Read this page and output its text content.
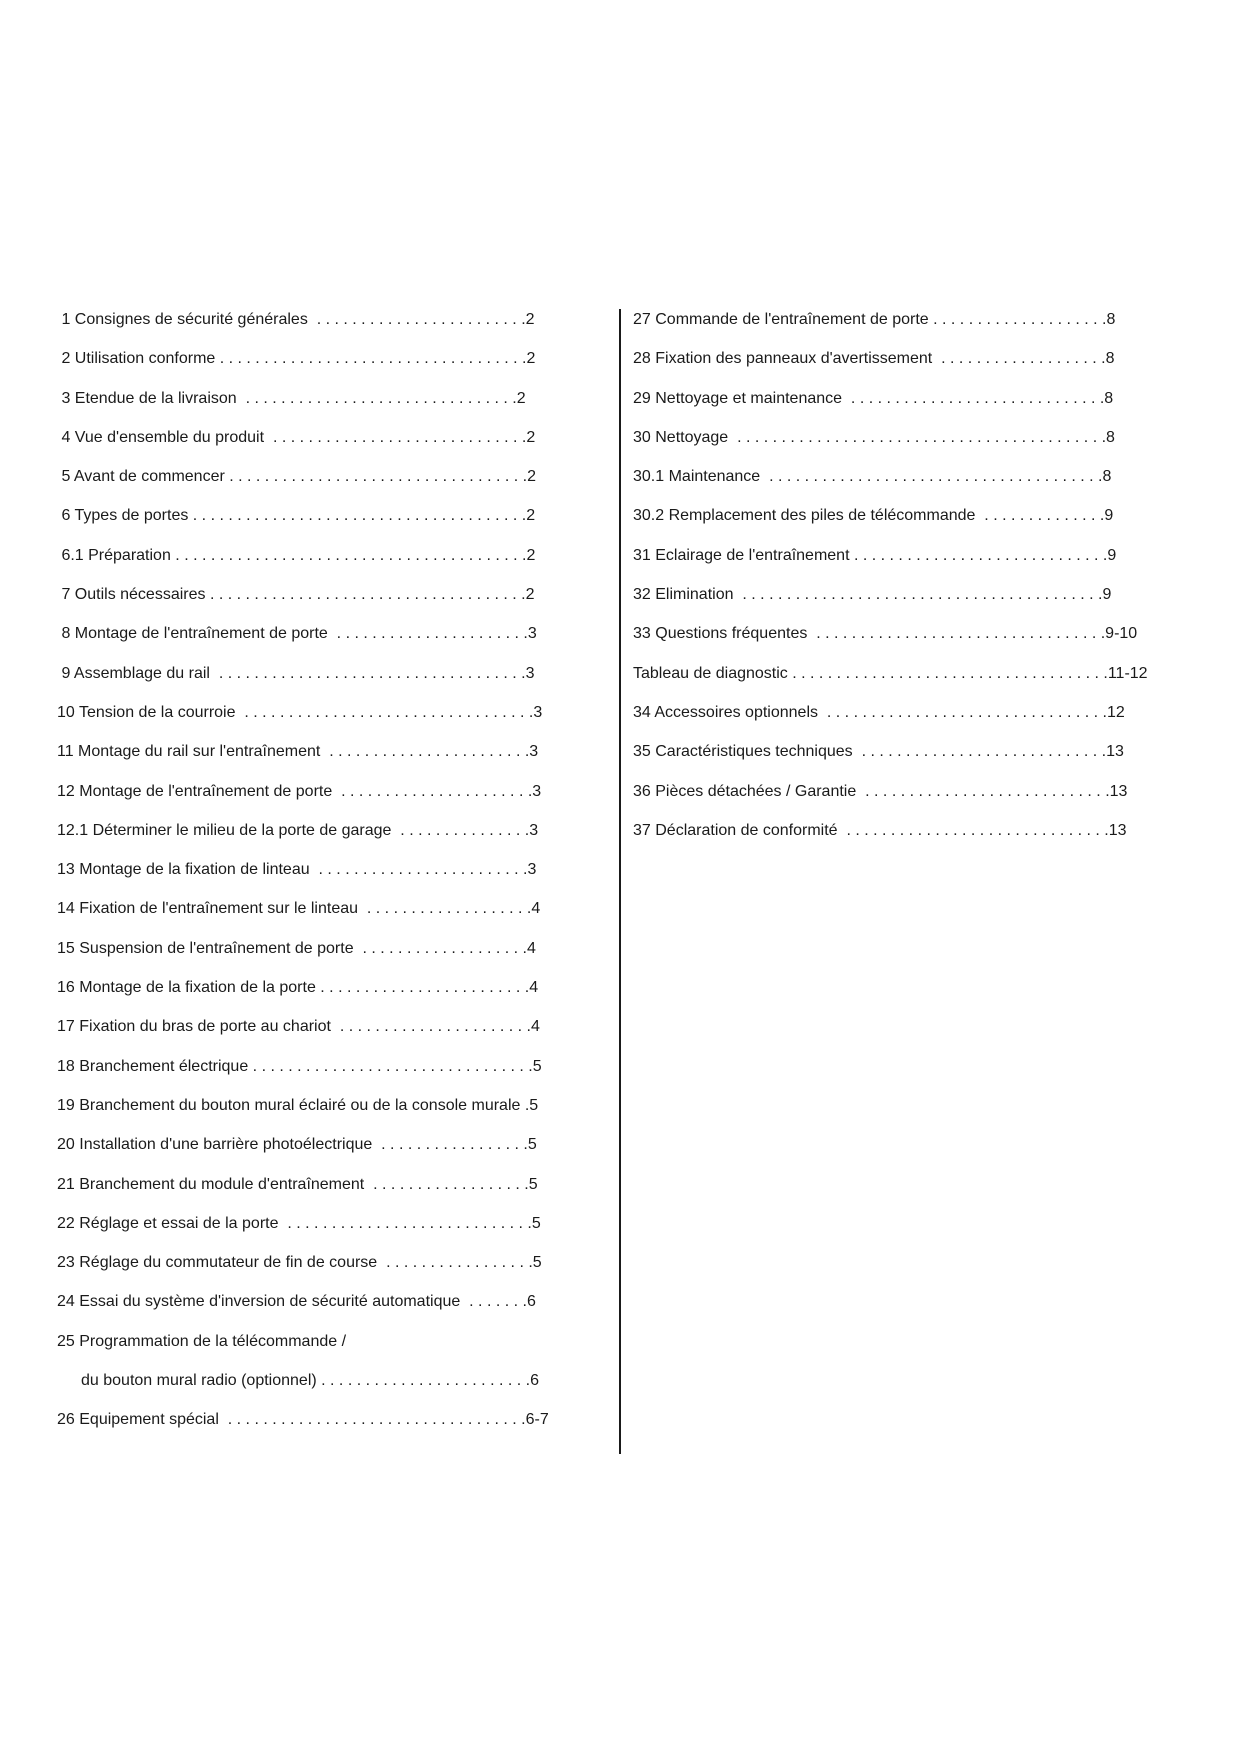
1 Consignes de sécurité générales  . . . . . . . . . . . . . . . . . . . . . . . .2
2 Utilisation conforme . . . . . . . . . . . . . . . . . . . . . . . . . . . . . . . . . . .2
3 Etendue de la livraison  . . . . . . . . . . . . . . . . . . . . . . . . . . . . . . .2
4 Vue d'ensemble du produit  . . . . . . . . . . . . . . . . . . . . . . . . . . . . .2
5 Avant de commencer . . . . . . . . . . . . . . . . . . . . . . . . . . . . . . . . . .2
6 Types de portes . . . . . . . . . . . . . . . . . . . . . . . . . . . . . . . . . . . . . .2
6.1 Préparation . . . . . . . . . . . . . . . . . . . . . . . . . . . . . . . . . . . . . . . .2
7 Outils nécessaires . . . . . . . . . . . . . . . . . . . . . . . . . . . . . . . . . . . .2
8 Montage de l'entraînement de porte  . . . . . . . . . . . . . . . . . . . . . .3
9 Assemblage du rail  . . . . . . . . . . . . . . . . . . . . . . . . . . . . . . . . . . .3
10 Tension de la courroie  . . . . . . . . . . . . . . . . . . . . . . . . . . . . . . . . .3
11 Montage du rail sur l'entraînement  . . . . . . . . . . . . . . . . . . . . . . .3
12 Montage de l'entraînement de porte  . . . . . . . . . . . . . . . . . . . . . .3
12.1 Déterminer le milieu de la porte de garage  . . . . . . . . . . . . . . .3
13 Montage de la fixation de linteau  . . . . . . . . . . . . . . . . . . . . . . . .3
14 Fixation de l'entraînement sur le linteau  . . . . . . . . . . . . . . . . . . .4
15 Suspension de l'entraînement de porte  . . . . . . . . . . . . . . . . . . .4
16 Montage de la fixation de la porte . . . . . . . . . . . . . . . . . . . . . . . .4
17 Fixation du bras de porte au chariot  . . . . . . . . . . . . . . . . . . . . . .4
18 Branchement électrique . . . . . . . . . . . . . . . . . . . . . . . . . . . . . . . .5
19 Branchement du bouton mural éclairé ou de la console murale .5
20 Installation d'une barrière photoélectrique  . . . . . . . . . . . . . . . . .5
21 Branchement du module d'entraînement  . . . . . . . . . . . . . . . . . .5
22 Réglage et essai de la porte  . . . . . . . . . . . . . . . . . . . . . . . . . . . .5
23 Réglage du commutateur de fin de course  . . . . . . . . . . . . . . . . .5
24 Essai du système d'inversion de sécurité automatique  . . . . . . .6
25 Programmation de la télécommande /
du bouton mural radio (optionnel) . . . . . . . . . . . . . . . . . . . . . . . .6
26 Equipement spécial  . . . . . . . . . . . . . . . . . . . . . . . . . . . . . . . . . .6-7
27 Commande de l'entraînement de porte . . . . . . . . . . . . . . . . . . . .8
28 Fixation des panneaux d'avertissement  . . . . . . . . . . . . . . . . . . .8
29 Nettoyage et maintenance  . . . . . . . . . . . . . . . . . . . . . . . . . . . . .8
30 Nettoyage  . . . . . . . . . . . . . . . . . . . . . . . . . . . . . . . . . . . . . . . . . .8
30.1 Maintenance  . . . . . . . . . . . . . . . . . . . . . . . . . . . . . . . . . . . . . .8
30.2 Remplacement des piles de télécommande  . . . . . . . . . . . . . .9
31 Eclairage de l'entraînement . . . . . . . . . . . . . . . . . . . . . . . . . . . . .9
32 Elimination  . . . . . . . . . . . . . . . . . . . . . . . . . . . . . . . . . . . . . . . . .9
33 Questions fréquentes  . . . . . . . . . . . . . . . . . . . . . . . . . . . . . . . . .9-10
Tableau de diagnostic . . . . . . . . . . . . . . . . . . . . . . . . . . . . . . . . . . . .11-12
34 Accessoires optionnels  . . . . . . . . . . . . . . . . . . . . . . . . . . . . . . . .12
35 Caractéristiques techniques  . . . . . . . . . . . . . . . . . . . . . . . . . . . .13
36 Pièces détachées / Garantie  . . . . . . . . . . . . . . . . . . . . . . . . . . . .13
37 Déclaration de conformité  . . . . . . . . . . . . . . . . . . . . . . . . . . . . . .13
